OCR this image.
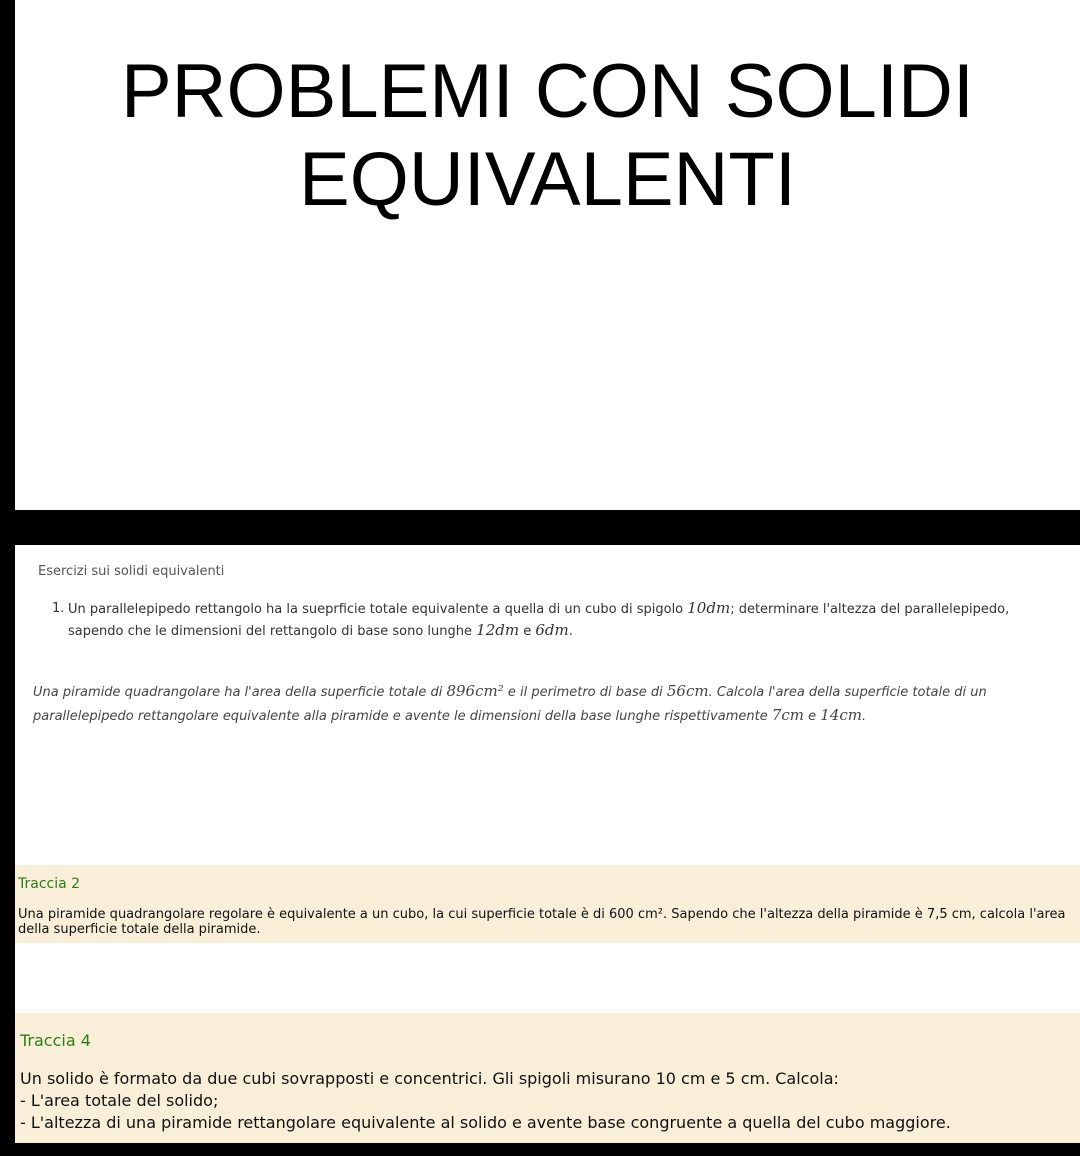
PROBLEMI CON SOLIDI
EQUIVALENTI
Esercizi sui solidi equivalenti
1. Un parallelepipedo rettangolo ha la sueprficie totale equivalente a quella di un cubo di spigolo 10dm; determinare l'altezza del parallelepipedo, sapendo che le dimensioni del rettangolo di base sono lunghe 12dm e 6dm.
Una piramide quadrangolare ha l'area della superficie totale di 896cm² e il perimetro di base di 56cm. Calcola l'area della superficie totale di un parallelepipedo rettangolare equivalente alla piramide e avente le dimensioni della base lunghe rispettivamente 7cm e 14cm.
Traccia 2
Una piramide quadrangolare regolare è equivalente a un cubo, la cui superficie totale è di 600 cm². Sapendo che l'altezza della piramide è 7,5 cm, calcola l'area della superficie totale della piramide.
Traccia 4
Un solido è formato da due cubi sovrapposti e concentrici. Gli spigoli misurano 10 cm e 5 cm. Calcola:
- L'area totale del solido;
- L'altezza di una piramide rettangolare equivalente al solido e avente base congruente a quella del cubo maggiore.
